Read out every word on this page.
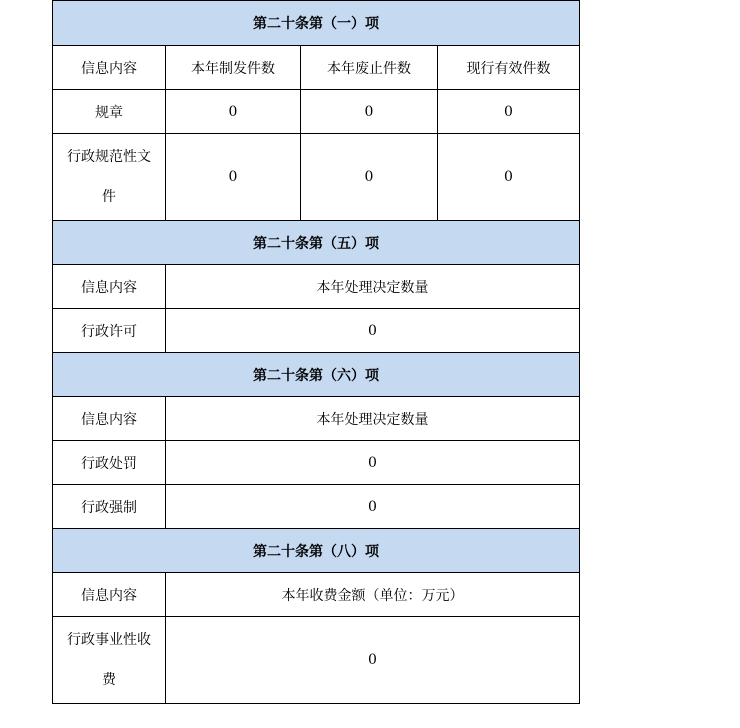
第二十条第（一）项			
信息内容	本年制发件数	本年废止件数	现行有效件数
规章	0	0	0
行政规范性文
件	0	0	0
第二十条第（五）项			
信息内容	本年处理决定数量		
行政许可	0		
第二十条第（六）项			
信息内容	本年处理决定数量		
行政处罚	0		
行政强制	0		
第二十条第（八）项			
信息内容	本年收费金额（单位：万元）		
行政事业性收
费	0		
